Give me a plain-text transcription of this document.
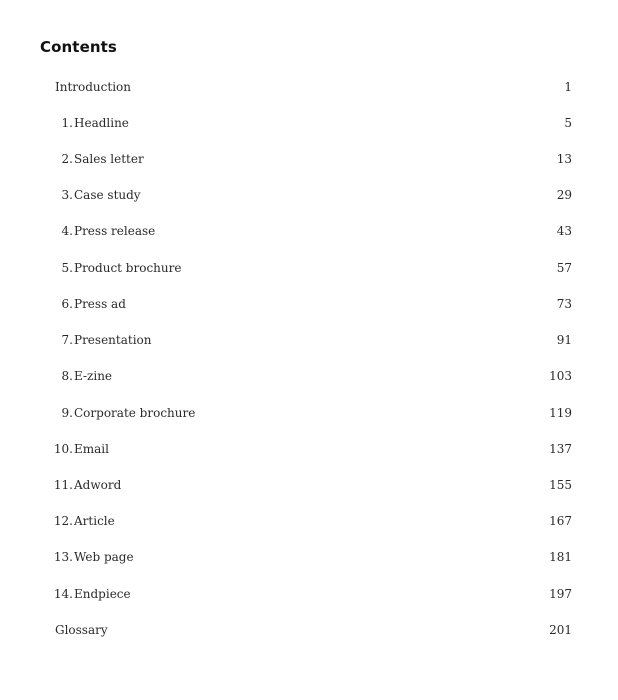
Contents
Introduction	1
1. Headline	5
2. Sales letter	13
3. Case study	29
4. Press release	43
5. Product brochure	57
6. Press ad	73
7. Presentation	91
8. E-zine	103
9. Corporate brochure	119
10. Email	137
11. Adword	155
12. Article	167
13. Web page	181
14. Endpiece	197
Glossary	201
